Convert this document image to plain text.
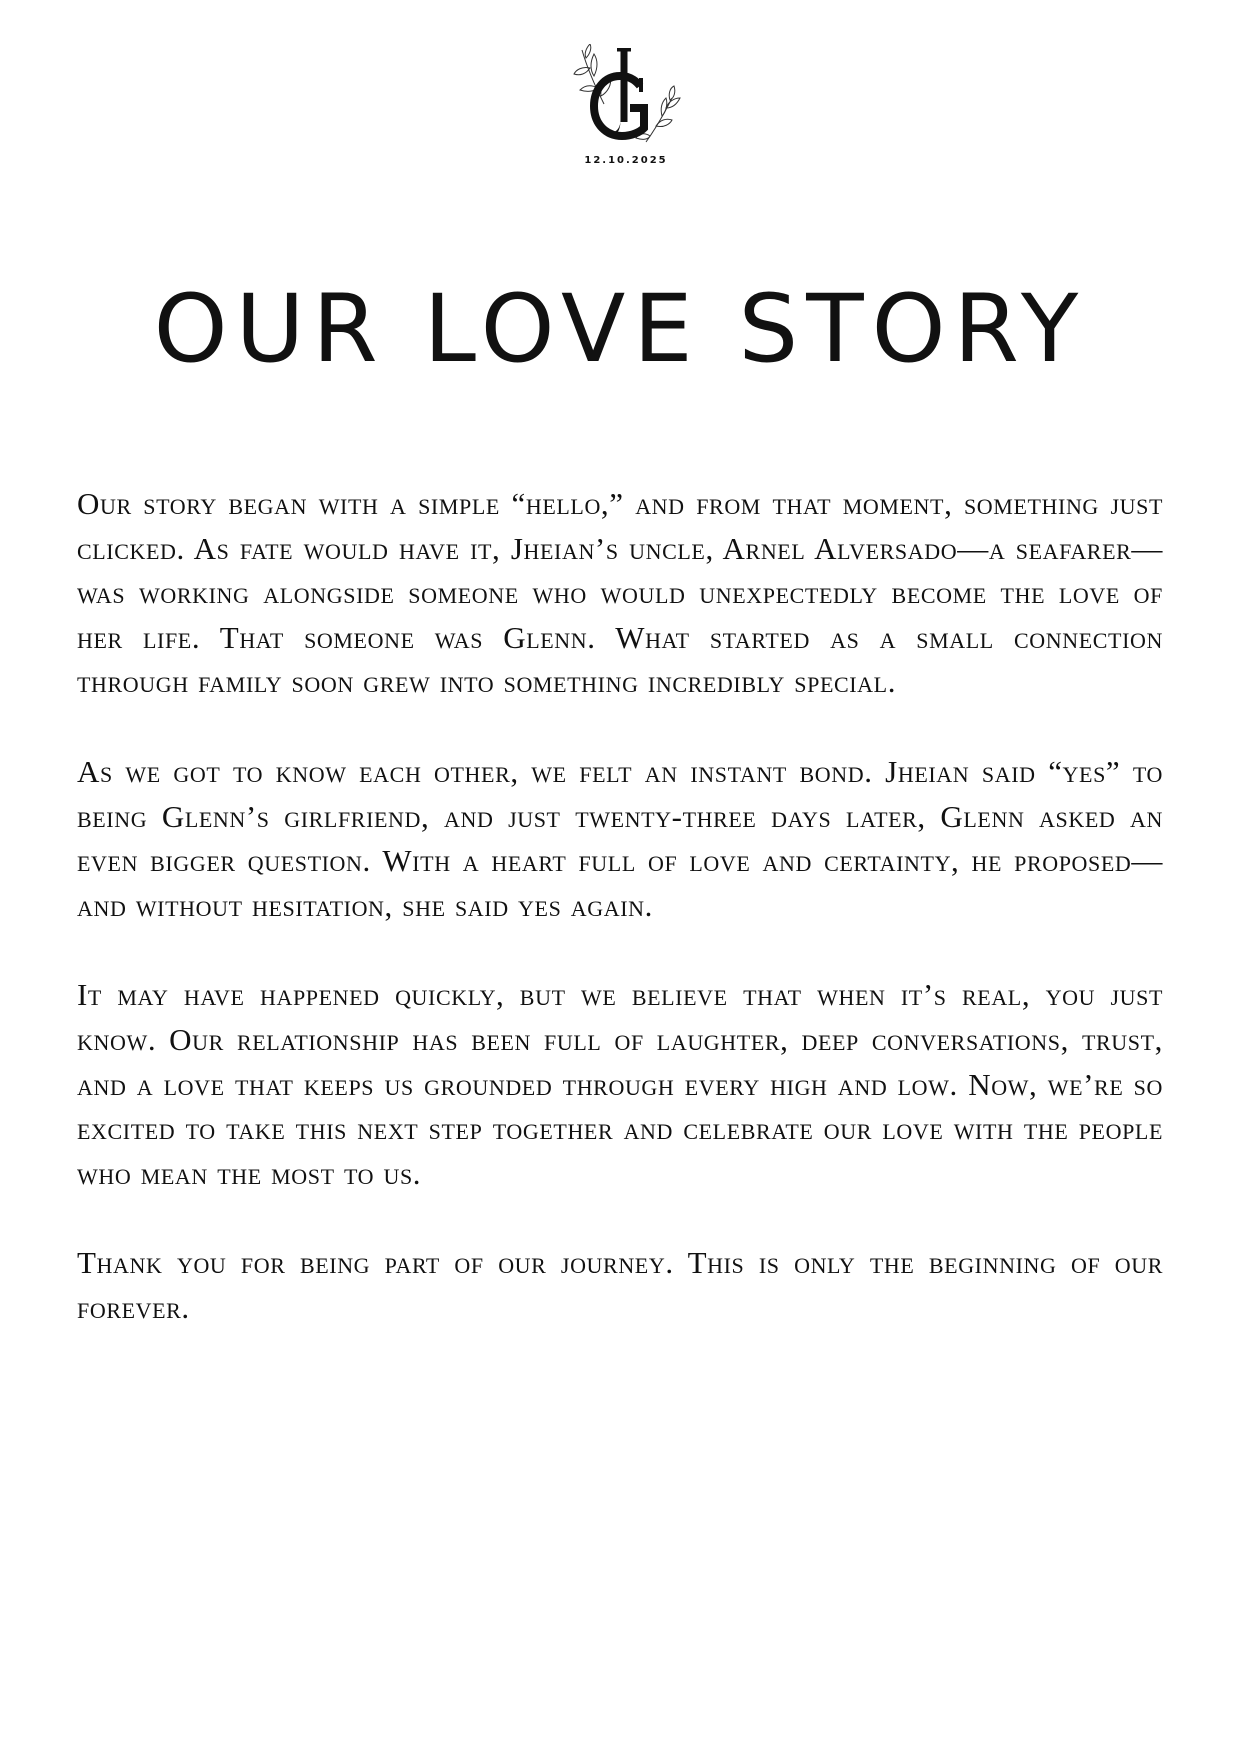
12.10.2025
OUR LOVE STORY

Our story began with a simple “hello,” and from that moment, something just clicked. As fate would have it, Jheian’s uncle, Arnel Alversado—a seafarer—was working alongside someone who would unexpectedly become the love of her life. That someone was Glenn. What started as a small connection through family soon grew into something incredibly special.

As we got to know each other, we felt an instant bond. Jheian said “yes” to being Glenn’s girlfriend, and just twenty-three days later, Glenn asked an even bigger question. With a heart full of love and certainty, he proposed—and without hesitation, she said yes again.

It may have happened quickly, but we believe that when it’s real, you just know. Our relationship has been full of laughter, deep conversations, trust, and a love that keeps us grounded through every high and low. Now, we’re so excited to take this next step together and celebrate our love with the people who mean the most to us.

Thank you for being part of our journey. This is only the beginning of our forever.
